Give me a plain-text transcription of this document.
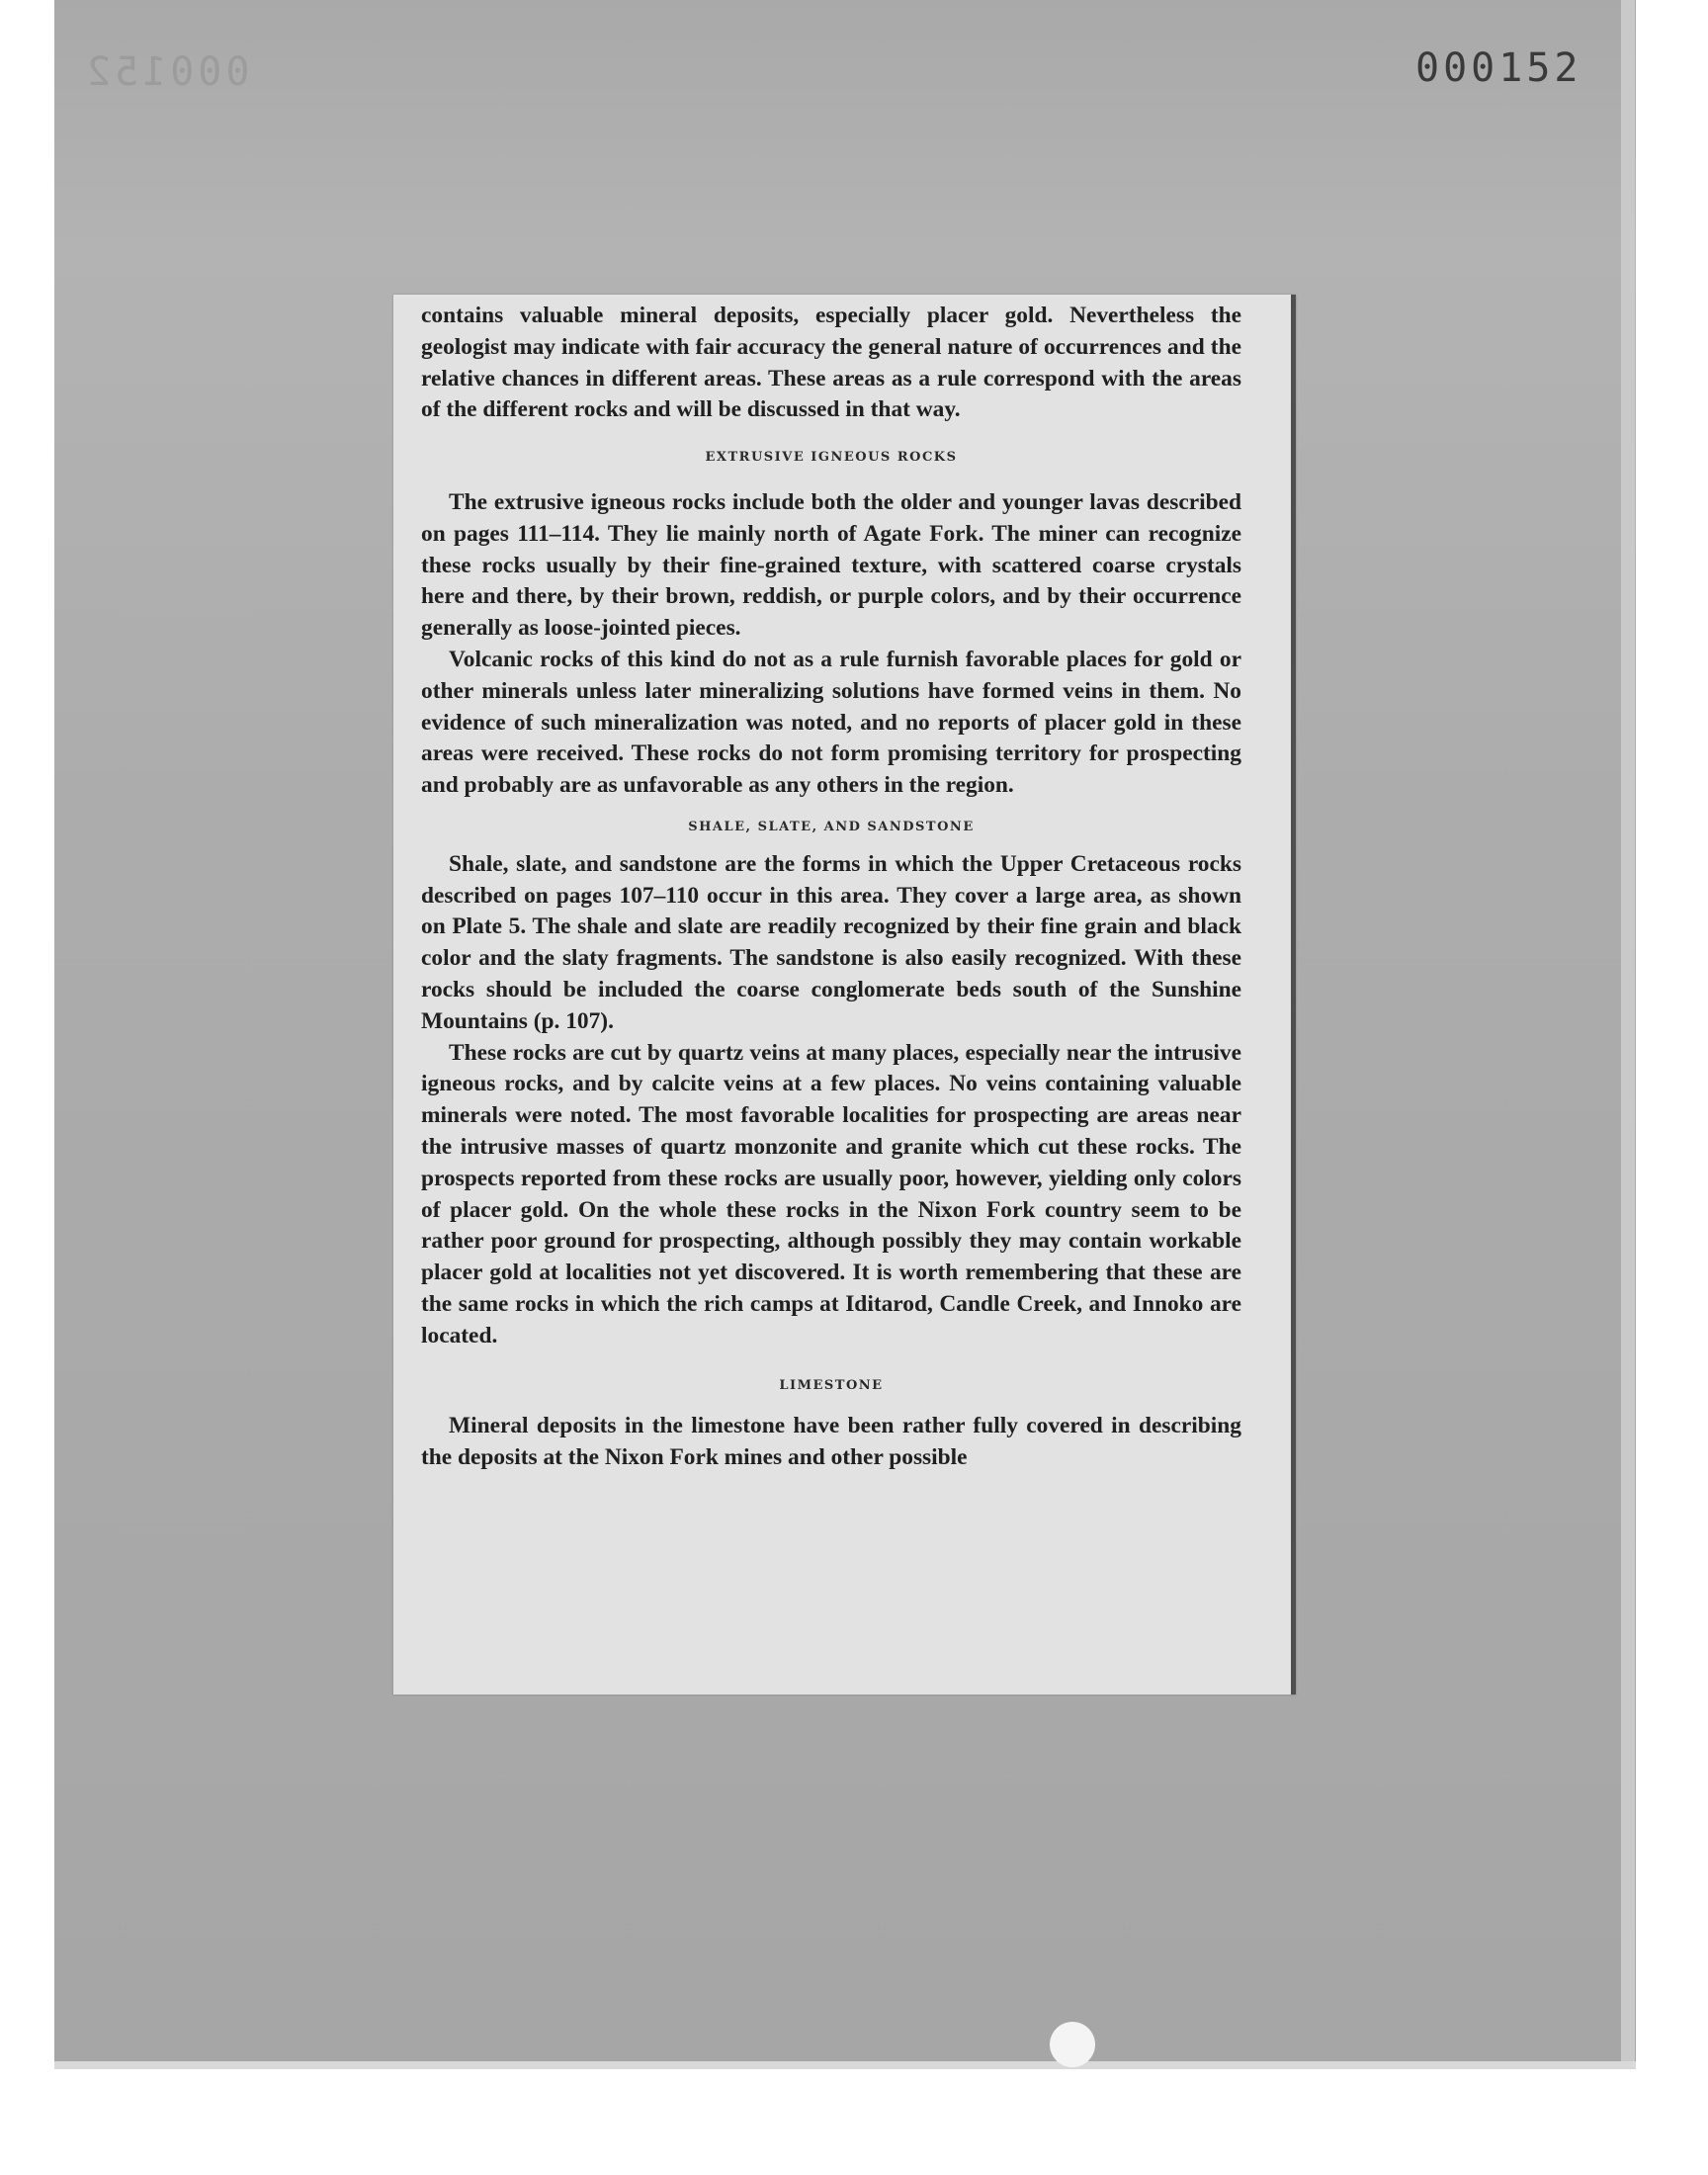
000152	000152

contains valuable mineral deposits, especially placer gold. Nevertheless the geologist may indicate with fair accuracy the general nature of occurrences and the relative chances in different areas. These areas as a rule correspond with the areas of the different rocks and will be discussed in that way.

EXTRUSIVE IGNEOUS ROCKS

The extrusive igneous rocks include both the older and younger lavas described on pages 111–114. They lie mainly north of Agate Fork. The miner can recognize these rocks usually by their fine-grained texture, with scattered coarse crystals here and there, by their brown, reddish, or purple colors, and by their occurrence generally as loose-jointed pieces.

Volcanic rocks of this kind do not as a rule furnish favorable places for gold or other minerals unless later mineralizing solutions have formed veins in them. No evidence of such mineralization was noted, and no reports of placer gold in these areas were received. These rocks do not form promising territory for prospecting and probably are as unfavorable as any others in the region.

SHALE, SLATE, AND SANDSTONE

Shale, slate, and sandstone are the forms in which the Upper Cretaceous rocks described on pages 107–110 occur in this area. They cover a large area, as shown on Plate 5. The shale and slate are readily recognized by their fine grain and black color and the slaty fragments. The sandstone is also easily recognized. With these rocks should be included the coarse conglomerate beds south of the Sunshine Mountains (p. 107).

These rocks are cut by quartz veins at many places, especially near the intrusive igneous rocks, and by calcite veins at a few places. No veins containing valuable minerals were noted. The most favorable localities for prospecting are areas near the intrusive masses of quartz monzonite and granite which cut these rocks. The prospects reported from these rocks are usually poor, however, yielding only colors of placer gold. On the whole these rocks in the Nixon Fork country seem to be rather poor ground for prospecting, although possibly they may contain workable placer gold at localities not yet discovered. It is worth remembering that these are the same rocks in which the rich camps at Iditarod, Candle Creek, and Innoko are located.

LIMESTONE

Mineral deposits in the limestone have been rather fully covered in describing the deposits at the Nixon Fork mines and other possible
